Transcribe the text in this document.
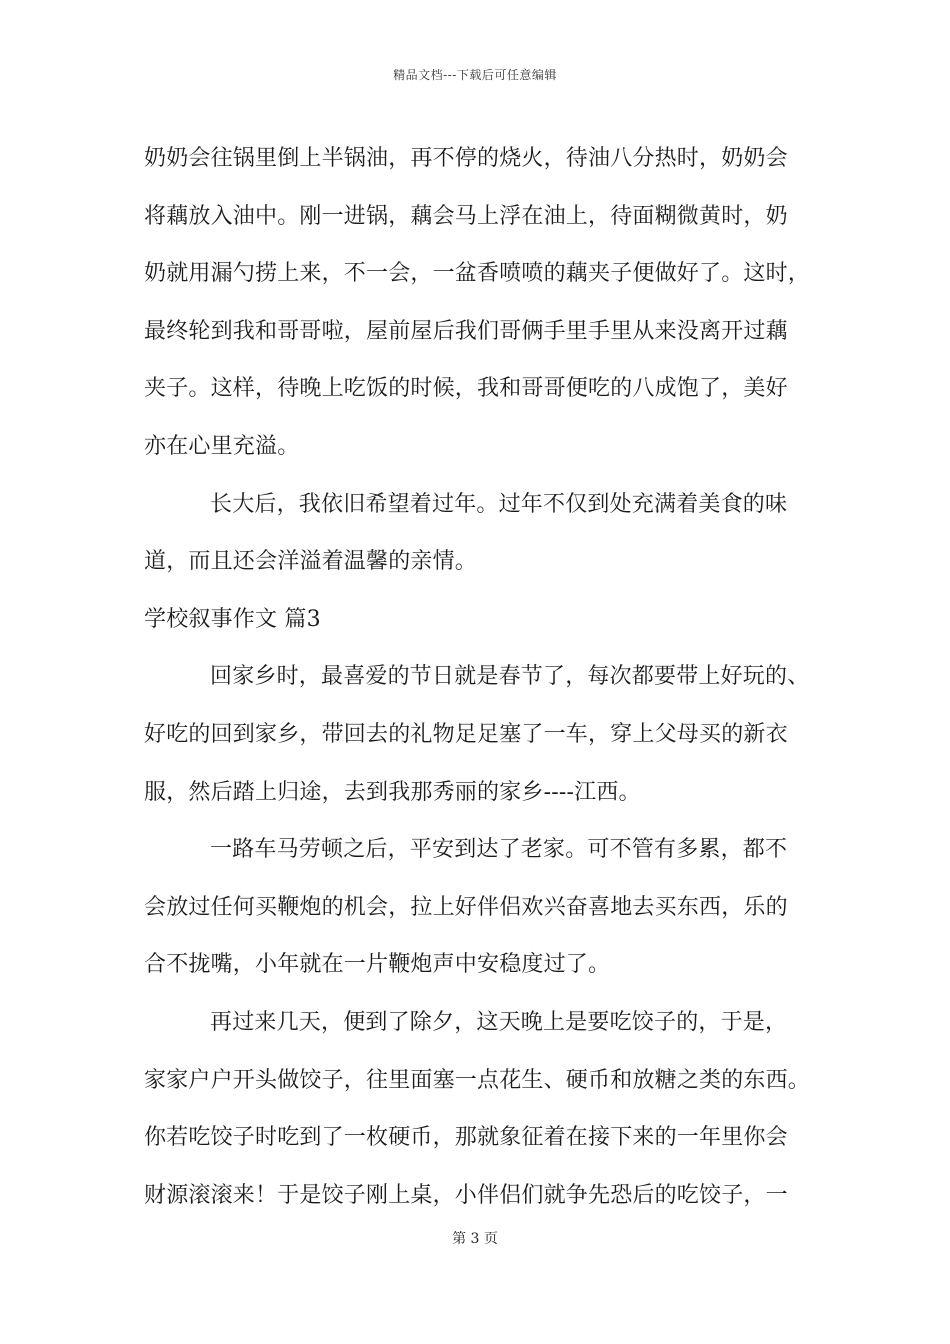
精品文档---下载后可任意编辑
奶奶会往锅里倒上半锅油，再不停的烧火，待油八分热时，奶奶会
将藕放入油中。刚一进锅，藕会马上浮在油上，待面糊微黄时，奶
奶就用漏勺捞上来，不一会，一盆香喷喷的藕夹子便做好了。这时，
最终轮到我和哥哥啦，屋前屋后我们哥俩手里手里从来没离开过藕
夹子。这样，待晚上吃饭的时候，我和哥哥便吃的八成饱了，美好
亦在心里充溢。
长大后，我依旧希望着过年。过年不仅到处充满着美食的味
道，而且还会洋溢着温馨的亲情。
学校叙事作文 篇3
回家乡时，最喜爱的节日就是春节了，每次都要带上好玩的、
好吃的回到家乡，带回去的礼物足足塞了一车，穿上父母买的新衣
服，然后踏上归途，去到我那秀丽的家乡----江西。
一路车马劳顿之后，平安到达了老家。可不管有多累，都不
会放过任何买鞭炮的机会，拉上好伴侣欢兴奋喜地去买东西，乐的
合不拢嘴，小年就在一片鞭炮声中安稳度过了。
再过来几天，便到了除夕，这天晚上是要吃饺子的，于是，
家家户户开头做饺子，往里面塞一点花生、硬币和放糖之类的东西。
你若吃饺子时吃到了一枚硬币，那就象征着在接下来的一年里你会
财源滚滚来！于是饺子刚上桌，小伴侣们就争先恐后的吃饺子，一
第 3 页
